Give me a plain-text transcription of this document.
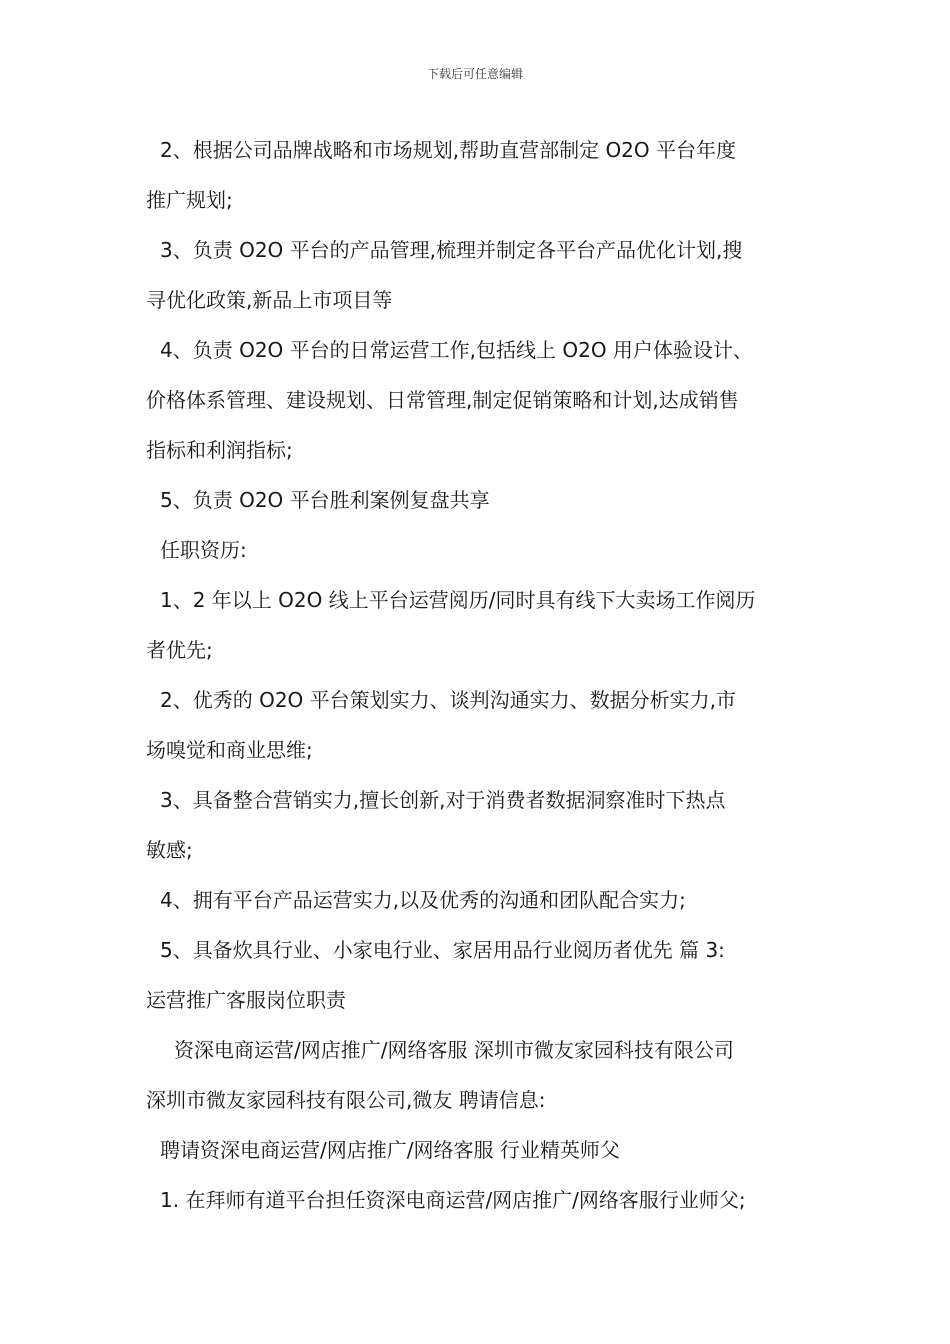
下载后可任意编辑
2、根据公司品牌战略和市场规划,帮助直营部制定 O2O 平台年度
推广规划;
3、负责 O2O 平台的产品管理,梳理并制定各平台产品优化计划,搜
寻优化政策,新品上市项目等
4、负责 O2O 平台的日常运营工作,包括线上 O2O 用户体验设计、
价格体系管理、建设规划、日常管理,制定促销策略和计划,达成销售
指标和利润指标;
5、负责 O2O 平台胜利案例复盘共享
任职资历:
1、2 年以上 O2O 线上平台运营阅历/同时具有线下大卖场工作阅历
者优先;
2、优秀的 O2O 平台策划实力、谈判沟通实力、数据分析实力,市
场嗅觉和商业思维;
3、具备整合营销实力,擅长创新,对于消费者数据洞察准时下热点
敏感;
4、拥有平台产品运营实力,以及优秀的沟通和团队配合实力;
5、具备炊具行业、小家电行业、家居用品行业阅历者优先 篇 3:
运营推广客服岗位职责
资深电商运营/网店推广/网络客服 深圳市微友家园科技有限公司
深圳市微友家园科技有限公司,微友 聘请信息:
聘请资深电商运营/网店推广/网络客服 行业精英师父
1. 在拜师有道平台担任资深电商运营/网店推广/网络客服行业师父;
